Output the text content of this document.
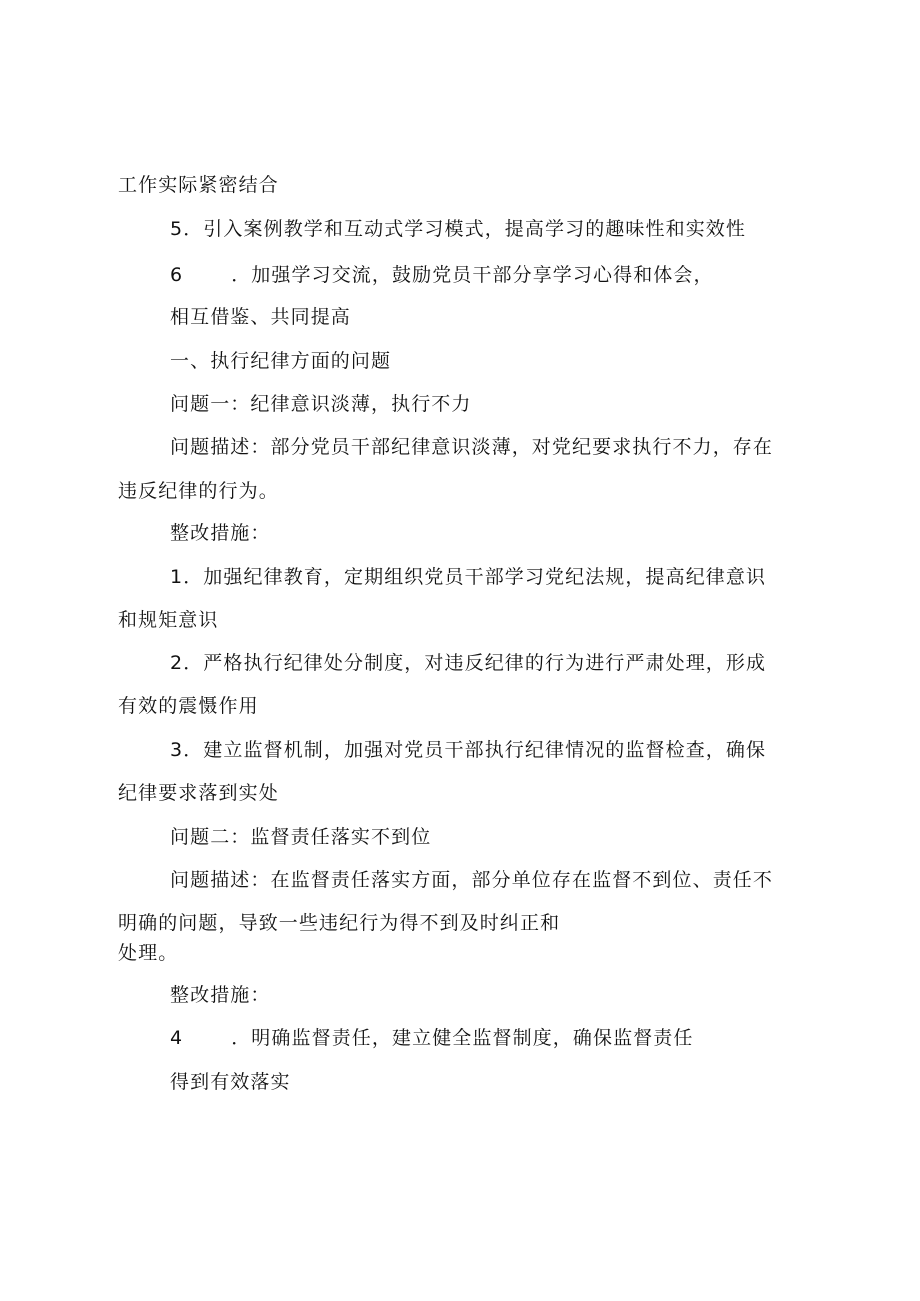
工作实际紧密结合

5．引入案例教学和互动式学习模式，提高学习的趣味性和实效性

6	．加强学习交流，鼓励党员干部分享学习心得和体会，

相互借鉴、共同提高

一、执行纪律方面的问题

问题一：纪律意识淡薄，执行不力

问题描述：部分党员干部纪律意识淡薄，对党纪要求执行不力，存在

违反纪律的行为。

整改措施：

1．加强纪律教育，定期组织党员干部学习党纪法规，提高纪律意识

和规矩意识

2．严格执行纪律处分制度，对违反纪律的行为进行严肃处理，形成

有效的震慑作用

3．建立监督机制，加强对党员干部执行纪律情况的监督检查，确保

纪律要求落到实处

问题二：监督责任落实不到位

问题描述：在监督责任落实方面，部分单位存在监督不到位、责任不

明确的问题，导致一些违纪行为得不到及时纠正和

处理。

整改措施：

4	．明确监督责任，建立健全监督制度，确保监督责任

得到有效落实
